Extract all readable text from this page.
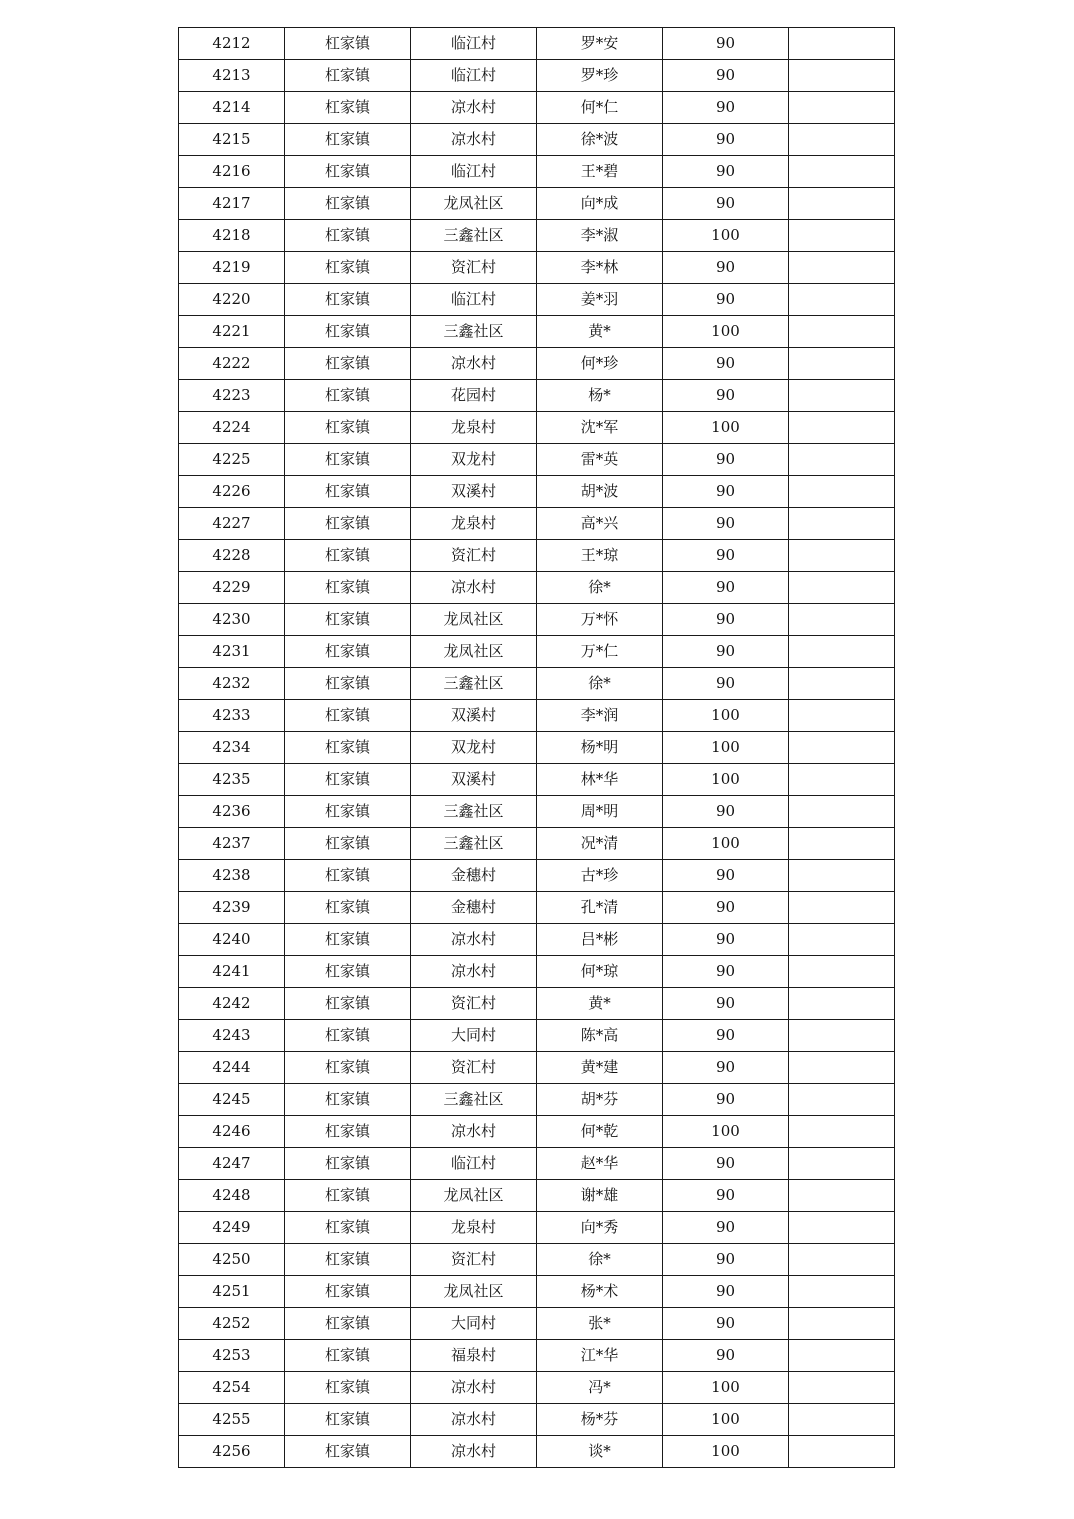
4212	杠家镇	临江村	罗*安	90	
4213	杠家镇	临江村	罗*珍	90	
4214	杠家镇	凉水村	何*仁	90	
4215	杠家镇	凉水村	徐*波	90	
4216	杠家镇	临江村	王*碧	90	
4217	杠家镇	龙凤社区	向*成	90	
4218	杠家镇	三鑫社区	李*淑	100	
4219	杠家镇	资汇村	李*林	90	
4220	杠家镇	临江村	姜*羽	90	
4221	杠家镇	三鑫社区	黄*	100	
4222	杠家镇	凉水村	何*珍	90	
4223	杠家镇	花园村	杨*	90	
4224	杠家镇	龙泉村	沈*军	100	
4225	杠家镇	双龙村	雷*英	90	
4226	杠家镇	双溪村	胡*波	90	
4227	杠家镇	龙泉村	高*兴	90	
4228	杠家镇	资汇村	王*琼	90	
4229	杠家镇	凉水村	徐*	90	
4230	杠家镇	龙凤社区	万*怀	90	
4231	杠家镇	龙凤社区	万*仁	90	
4232	杠家镇	三鑫社区	徐*	90	
4233	杠家镇	双溪村	李*润	100	
4234	杠家镇	双龙村	杨*明	100	
4235	杠家镇	双溪村	林*华	100	
4236	杠家镇	三鑫社区	周*明	90	
4237	杠家镇	三鑫社区	况*清	100	
4238	杠家镇	金穗村	古*珍	90	
4239	杠家镇	金穗村	孔*清	90	
4240	杠家镇	凉水村	吕*彬	90	
4241	杠家镇	凉水村	何*琼	90	
4242	杠家镇	资汇村	黄*	90	
4243	杠家镇	大同村	陈*高	90	
4244	杠家镇	资汇村	黄*建	90	
4245	杠家镇	三鑫社区	胡*芬	90	
4246	杠家镇	凉水村	何*乾	100	
4247	杠家镇	临江村	赵*华	90	
4248	杠家镇	龙凤社区	谢*雄	90	
4249	杠家镇	龙泉村	向*秀	90	
4250	杠家镇	资汇村	徐*	90	
4251	杠家镇	龙凤社区	杨*术	90	
4252	杠家镇	大同村	张*	90	
4253	杠家镇	福泉村	江*华	90	
4254	杠家镇	凉水村	冯*	100	
4255	杠家镇	凉水村	杨*芬	100	
4256	杠家镇	凉水村	谈*	100	
